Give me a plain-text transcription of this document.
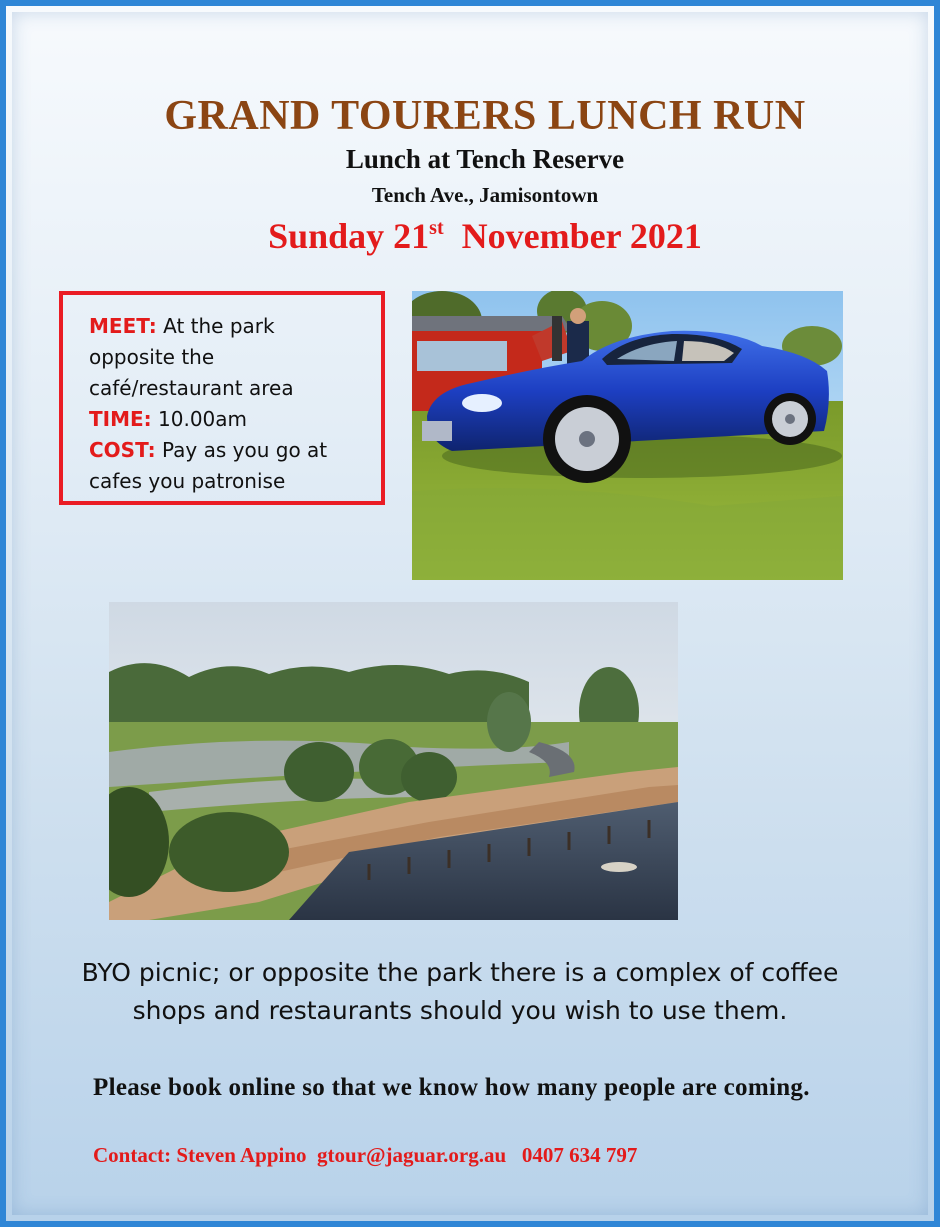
GRAND TOURERS LUNCH RUN
Lunch at Tench Reserve
Tench Ave., Jamisontown
Sunday 21st November 2021
MEET: At the park
opposite the
café/restaurant area
TIME: 10.00am
COST: Pay as you go at
cafes you patronise
BYO picnic; or opposite the park there is a complex of coffee
shops and restaurants should you wish to use them.
Please book online so that we know how many people are coming.
Contact: Steven Appino gtour@jaguar.org.au 0407 634 797
